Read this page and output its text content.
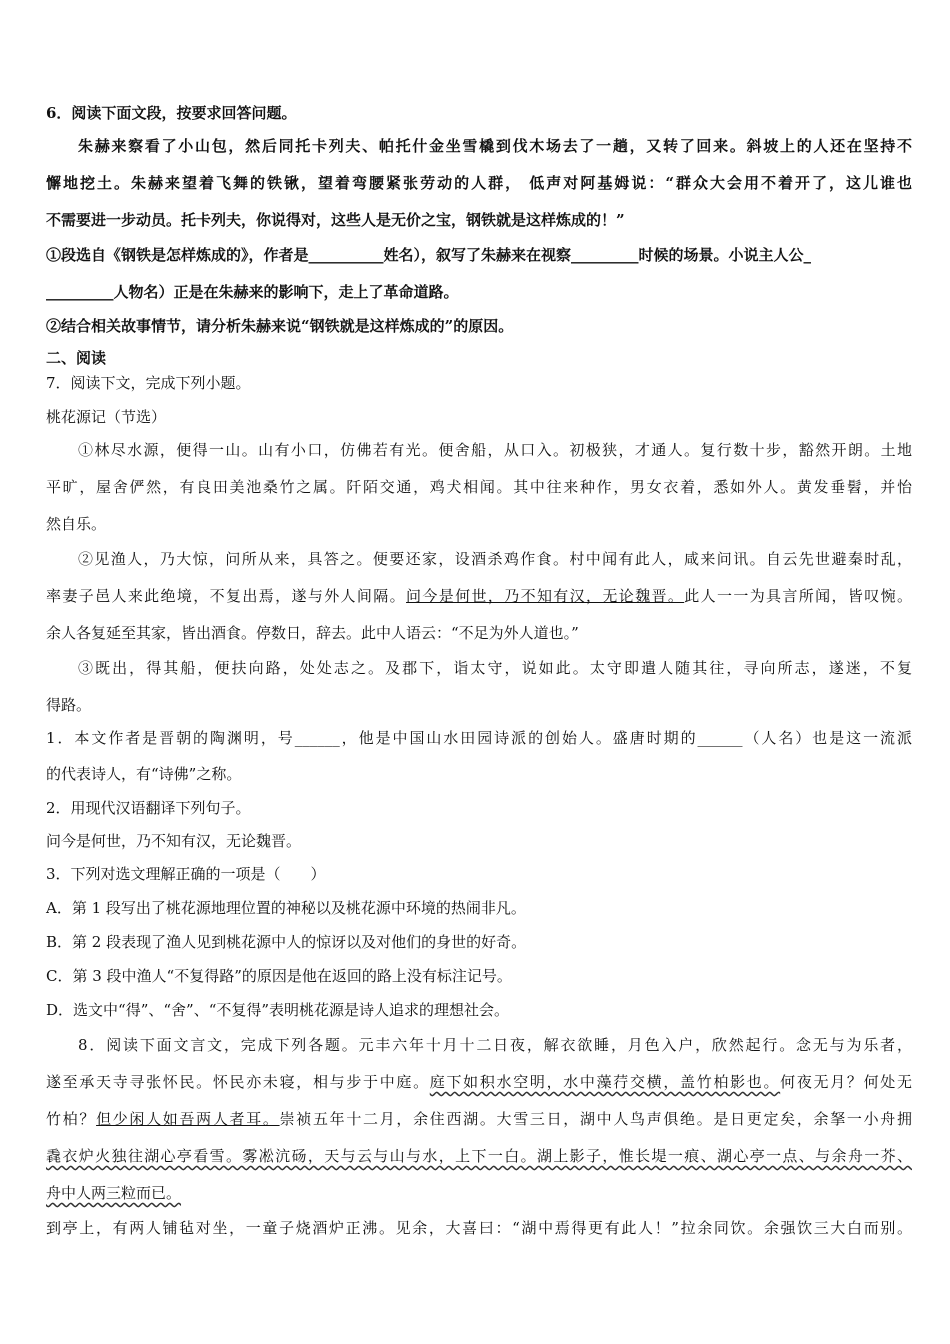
6．阅读下面文段，按要求回答问题。
朱赫来察看了小山包，然后同托卡列夫、帕托什金坐雪橇到伐木场去了一趟，又转了回来。斜坡上的人还在坚持不
懈地挖土。朱赫来望着飞舞的铁锹，望着弯腰紧张劳动的人群， 低声对阿基姆说：“群众大会用不着开了，这儿谁也
不需要进一步动员。托卡列夫，你说得对，这些人是无价之宝，钢铁就是这样炼成的！”
①段选自《钢铁是怎样炼成的》，作者是__________姓名），叙写了朱赫来在视察_________时候的场景。小说主人公_
_________人物名）正是在朱赫来的影响下，走上了革命道路。
②结合相关故事情节，请分析朱赫来说“钢铁就是这样炼成的”的原因。
二、阅读
7．阅读下文，完成下列小题。
桃花源记（节选）
①林尽水源，便得一山。山有小口，仿佛若有光。便舍船，从口入。初极狭，才通人。复行数十步，豁然开朗。土地
平旷，屋舍俨然，有良田美池桑竹之属。阡陌交通，鸡犬相闻。其中往来种作，男女衣着，悉如外人。黄发垂髫，并怡
然自乐。
②见渔人，乃大惊，问所从来，具答之。便要还家，设酒杀鸡作食。村中闻有此人，咸来问讯。自云先世避秦时乱，
率妻子邑人来此绝境，不复出焉，遂与外人间隔。问今是何世，乃不知有汉，无论魏晋。此人一一为具言所闻，皆叹惋。
余人各复延至其家，皆出酒食。停数日，辞去。此中人语云：“不足为外人道也。”
③既出，得其船，便扶向路，处处志之。及郡下，诣太守，说如此。太守即遣人随其往，寻向所志，遂迷，不复
得路。
1．本文作者是晋朝的陶渊明，号______，他是中国山水田园诗派的创始人。盛唐时期的______（人名）也是这一流派
的代表诗人，有“诗佛”之称。
2．用现代汉语翻译下列句子。
问今是何世，乃不知有汉，无论魏晋。
3．下列对选文理解正确的一项是（　　）
A．第 1 段写出了桃花源地理位置的神秘以及桃花源中环境的热闹非凡。
B．第 2 段表现了渔人见到桃花源中人的惊讶以及对他们的身世的好奇。
C．第 3 段中渔人“不复得路”的原因是他在返回的路上没有标注记号。
D．选文中“得”、“舍”、“不复得”表明桃花源是诗人追求的理想社会。
8．阅读下面文言文，完成下列各题。元丰六年十月十二日夜，解衣欲睡，月色入户，欣然起行。念无与为乐者，
遂至承天寺寻张怀民。怀民亦未寝，相与步于中庭。庭下如积水空明，水中藻荇交横，盖竹柏影也。何夜无月？何处无
竹柏？但少闲人如吾两人者耳。崇祯五年十二月，余住西湖。大雪三日，湖中人鸟声俱绝。是日更定矣，余拏一小舟拥
毳衣炉火独往湖心亭看雪。雾凇沆砀，天与云与山与水，上下一白。湖上影子，惟长堤一痕、湖心亭一点、与余舟一芥、
舟中人两三粒而已。
到亭上，有两人铺毡对坐，一童子烧酒炉正沸。见余，大喜曰：“湖中焉得更有此人！”拉余同饮。余强饮三大白而别。
